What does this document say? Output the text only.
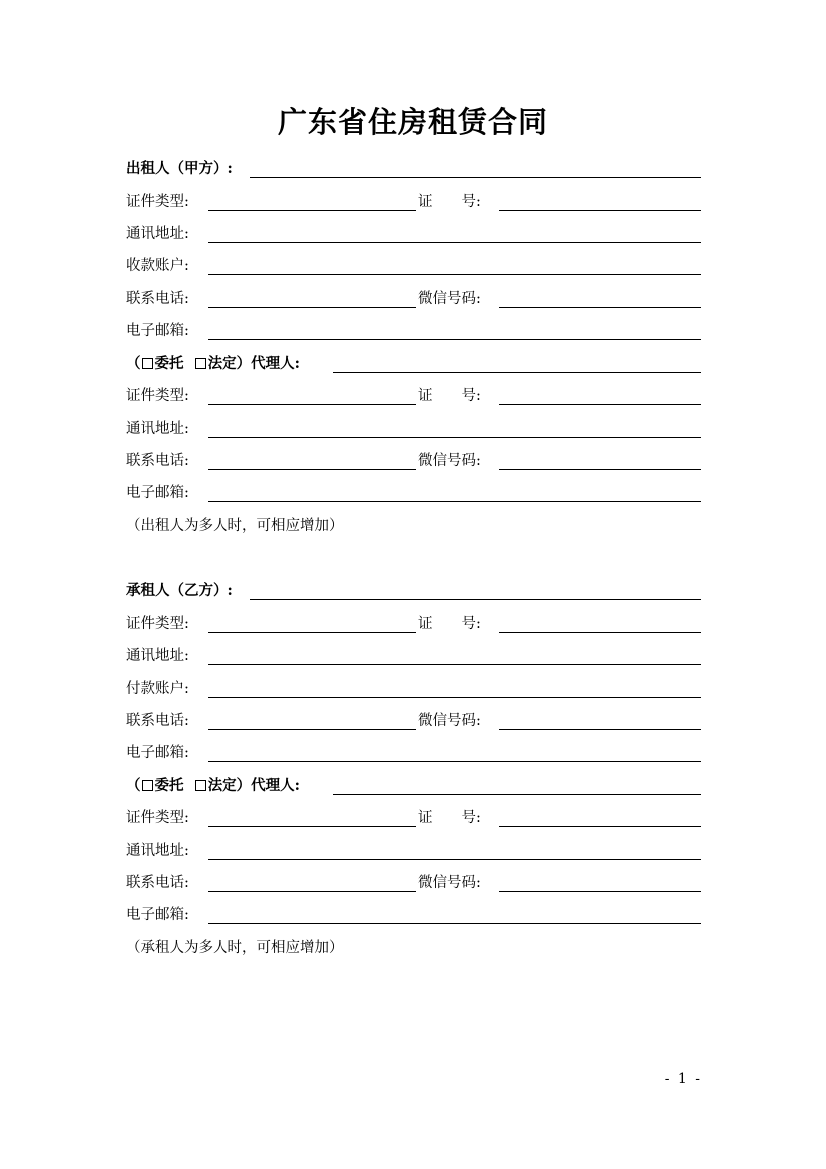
广东省住房租赁合同
出租人（甲方）:
证件类型:	证　　号:
通讯地址:
收款账户:
联系电话:	微信号码:
电子邮箱:
（ 委托 法定）代理人:
证件类型:	证　　号:
通讯地址:
联系电话:	微信号码:
电子邮箱:
（出租人为多人时，可相应增加）
承租人（乙方）:
证件类型:	证　　号:
通讯地址:
付款账户:
联系电话:	微信号码:
电子邮箱:
（ 委托 法定）代理人:
证件类型:	证　　号:
通讯地址:
联系电话:	微信号码:
电子邮箱:
（承租人为多人时，可相应增加）
- 1 -
